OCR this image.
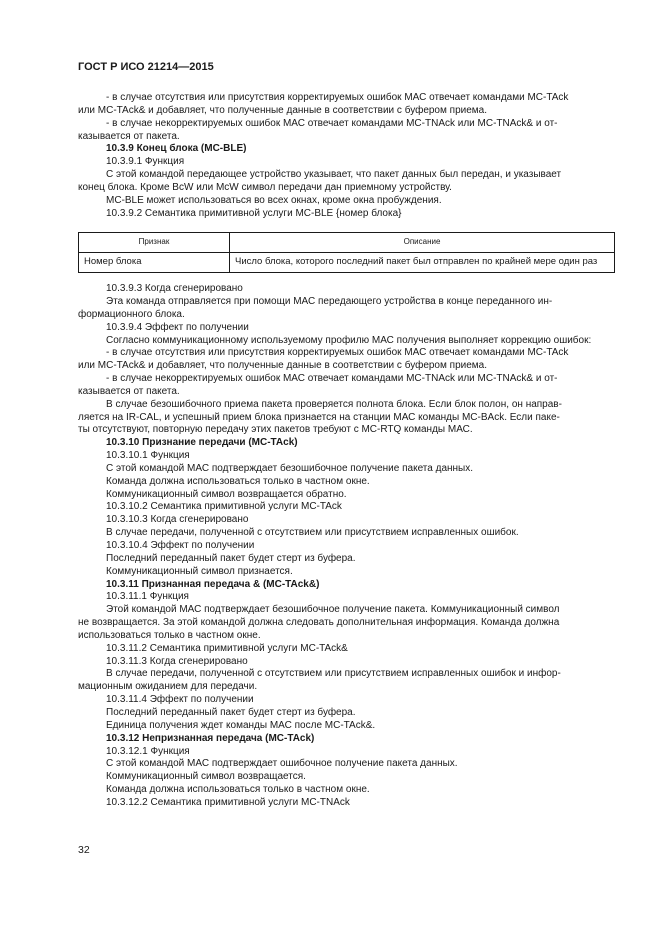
ГОСТ Р ИСО 21214—2015

- в случае отсутствия или присутствия корректируемых ошибок МАС отвечает командами МС-TAck

или МС-TAck& и добавляет, что полученные данные в соответствии с буфером приема.

- в случае некорректируемых ошибок МАС отвечает командами МС-TNAck или МС-TNAck& и от-

казывается от пакета.

10.3.9 Конец блока (МС-BLE)

10.3.9.1 Функция

С этой командой передающее устройство указывает, что пакет данных был передан, и указывает

конец блока. Кроме BcW или McW символ передачи дан приемному устройству.

МС-BLE может использоваться во всех окнах, кроме окна пробуждения.

10.3.9.2 Семантика примитивной услуги МС-BLE {номер блока}

Признак	Описание
Номер блока	Число блока, которого последний пакет был отправлен по крайней мере один раз

10.3.9.3 Когда сгенерировано

Эта команда отправляется при помощи МАС передающего устройства в конце переданного ин-

формационного блока.

10.3.9.4 Эффект по получении

Согласно коммуникационному используемому профилю МАС получения выполняет коррекцию ошибок:

- в случае отсутствия или присутствия корректируемых ошибок МАС отвечает командами МС-TAck

или МС-TAck& и добавляет, что полученные данные в соответствии с буфером приема.

- в случае некорректируемых ошибок МАС отвечает командами МС-TNAck или МС-TNAck& и от-

казывается от пакета.

В случае безошибочного приема пакета проверяется полнота блока. Если блок полон, он направ-

ляется на IR-CAL, и успешный прием блока признается на станции МАС команды МС-BAck. Если паке-

ты отсутствуют, повторную передачу этих пакетов требуют с МС-RTQ команды МАС.

10.3.10 Признание передачи (МС-TAck)

10.3.10.1 Функция

С этой командой МАС подтверждает безошибочное получение пакета данных.

Команда должна использоваться только в частном окне.

Коммуникационный символ возвращается обратно.

10.3.10.2 Семантика примитивной услуги МС-TAck

10.3.10.3 Когда сгенерировано

В случае передачи, полученной с отсутствием или присутствием исправленных ошибок.

10.3.10.4 Эффект по получении

Последний переданный пакет будет стерт из буфера.

Коммуникационный символ признается.

10.3.11 Признанная передача & (МС-TAck&)

10.3.11.1 Функция

Этой командой МАС подтверждает безошибочное получение пакета. Коммуникационный символ

не возвращается. За этой командой должна следовать дополнительная информация. Команда должна

использоваться только в частном окне.

10.3.11.2 Семантика примитивной услуги МС-TAck&

10.3.11.3 Когда сгенерировано

В случае передачи, полученной с отсутствием или присутствием исправленных ошибок и инфор-

мационным ожиданием для передачи.

10.3.11.4 Эффект по получении

Последний переданный пакет будет стерт из буфера.

Единица получения ждет команды МАС после МС-TAck&.

10.3.12 Непризнанная передача (МС-TAck)

10.3.12.1 Функция

С этой командой МАС подтверждает ошибочное получение пакета данных.

Коммуникационный символ возвращается.

Команда должна использоваться только в частном окне.

10.3.12.2 Семантика примитивной услуги МС-TNAck

32
